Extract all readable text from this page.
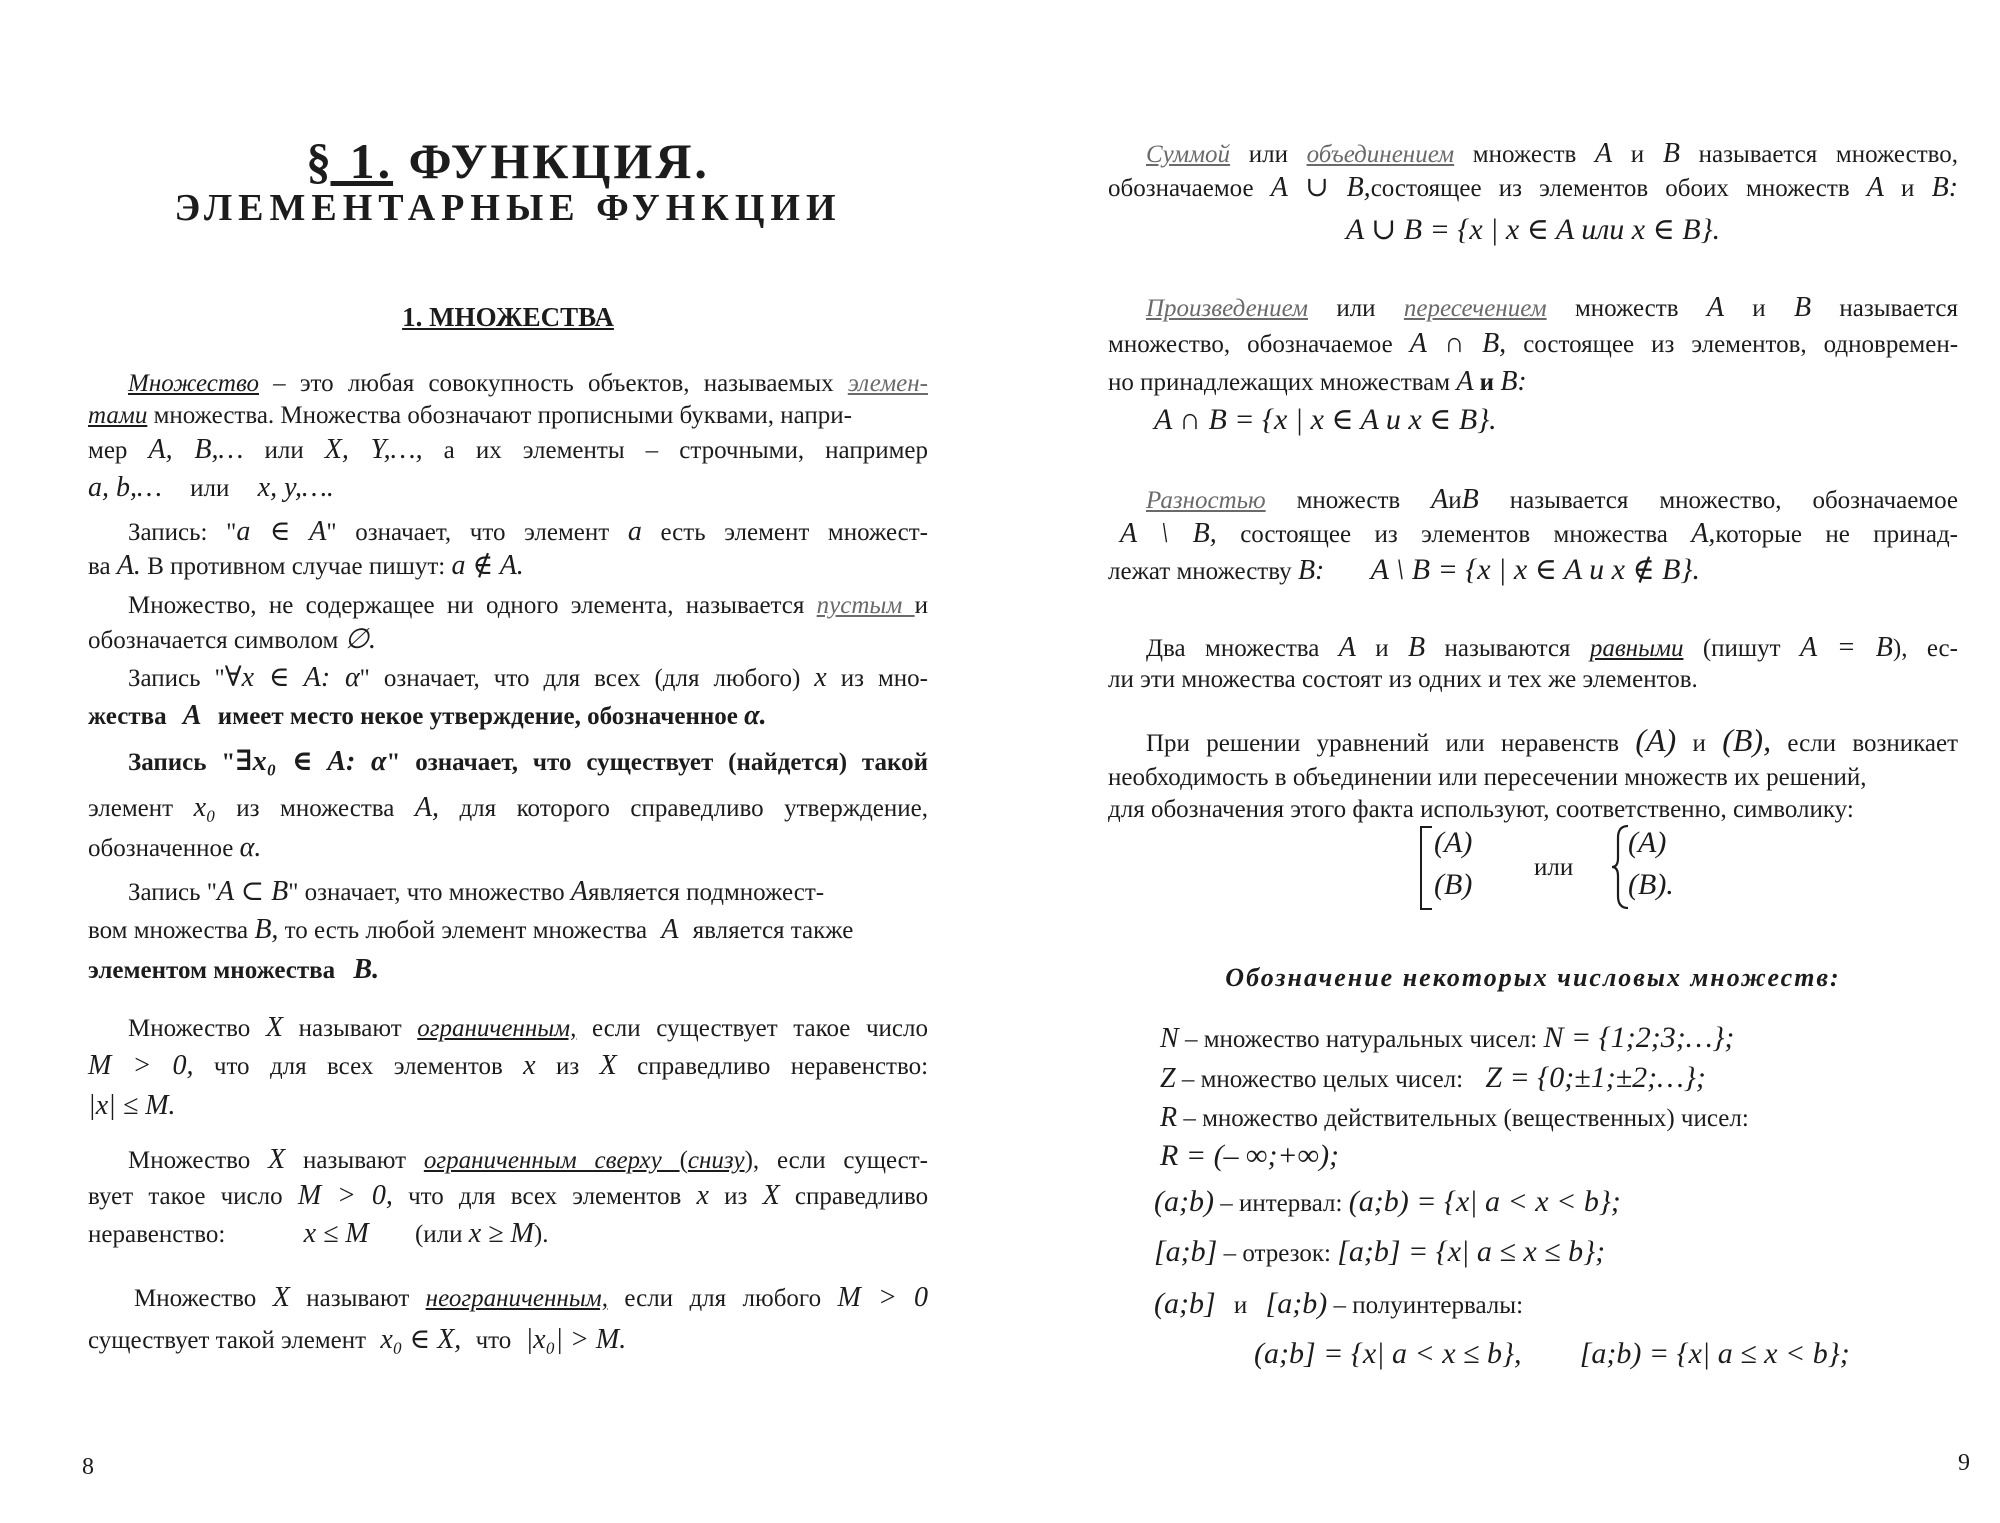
§ 1. ФУНКЦИЯ.
ЭЛЕМЕНТАРНЫЕ ФУНКЦИИ
1. МНОЖЕСТВА
Множество – это любая совокупность объектов, называемых элемен-
тами множества. Множества обозначают прописными буквами, напри-
мер A, B,… или X, Y,…, а их элементы – строчными, например
a, b,… или x, y,….
Запись: "a ∈ A" означает, что элемент a есть элемент множест-
ва A. В противном случае пишут: a ∉ A.
Множество, не содержащее ни одного элемента, называется пустым и
обозначается символом ∅.
Запись "∀x ∈ A: α" означает, что для всех (для любого) x из мно-
жества A имеет место некое утверждение, обозначенное α.
Запись "∃x₀ ∈ A: α" означает, что существует (найдется) такой
элемент x₀ из множества A, для которого справедливо утверждение,
обозначенное α.
Запись "A ⊂ B" означает, что множество Aявляется подмножест-
вом множества B, то есть любой элемент множества A является также
элементом множества B.
Множество X называют ограниченным, если существует такое число
M > 0, что для всех элементов x из X справедливо неравенство:
|x| ≤ M.
Множество X называют ограниченным сверху (снизу), если сущест-
вует такое число M > 0, что для всех элементов x из X справедливо
неравенство:	x ≤ M (или x ≥ M).
Множество X называют неограниченным, если для любого M > 0
существует такой элемент x₀ ∈ X, что |x₀| > M.
8
Суммой или объединением множеств A и B называется множество,
обозначаемое A ∪ B,состоящее из элементов обоих множеств A и B:
A ∪ B = {x | x ∈ A или x ∈ B}.
Произведением или пересечением множеств A и B называется
множество, обозначаемое A ∩ B, состоящее из элементов, одновремен-
но принадлежащих множествам A и B:
A ∩ B = {x | x ∈ A и x ∈ B}.
Разностью множеств AиB называется множество, обозначаемое
A \ B, состоящее из элементов множества A,которые не принад-
лежат множеству B: A \ B = {x | x ∈ A и x ∉ B}.
Два множества A и B называются равными (пишут A = B), ес-
ли эти множества состоят из одних и тех же элементов.
При решении уравнений или неравенств (A) и (B), если возникает
необходимость в объединении или пересечении множеств их решений,
для обозначения этого факта используют, соответственно, символику:
(A)
(B)
или
(A)
(B).
Обозначение некоторых числовых множеств:
N – множество натуральных чисел: N = {1;2;3;…};
Z – множество целых чисел: Z = {0;±1;±2;…};
R – множество действительных (вещественных) чисел:
R = (– ∞;+∞);
(a;b) – интервал: (a;b) = {x| a < x < b};
[a;b] – отрезок: [a;b] = {x| a ≤ x ≤ b};
(a;b] и [a;b) – полуинтервалы:
(a;b] = {x| a < x ≤ b}, [a;b) = {x| a ≤ x < b};
9
